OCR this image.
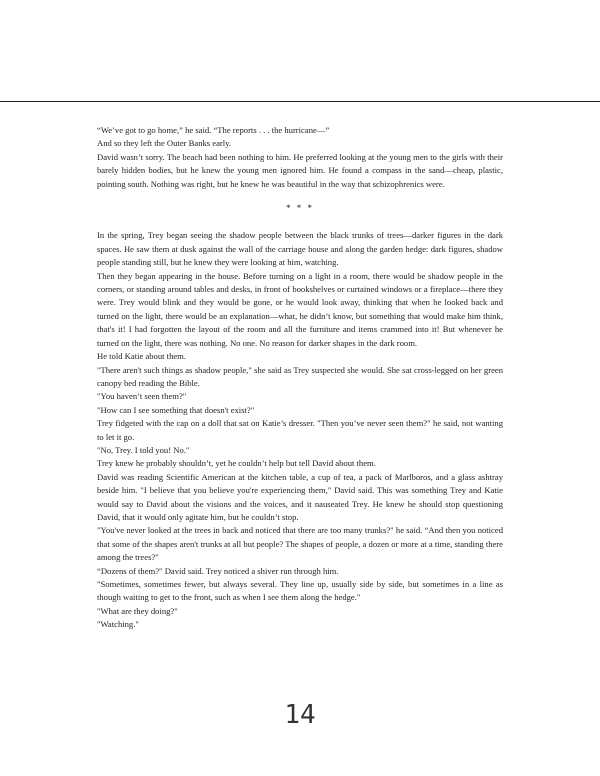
“We’ve got to go home,” he said. “The reports . . . the hurricane—”

And so they left the Outer Banks early.

David wasn’t sorry. The beach had been nothing to him. He preferred looking at the young men to the girls with their barely hidden bodies, but he knew the young men ignored him. He found a compass in the sand—cheap, plastic, pointing south. Nothing was right, but he knew he was beautiful in the way that schizophrenics were.

* * *

In the spring, Trey began seeing the shadow people between the black trunks of trees—darker figures in the dark spaces. He saw them at dusk against the wall of the carriage house and along the garden hedge: dark figures, shadow people standing still, but he knew they were looking at him, watching.

Then they began appearing in the house. Before turning on a light in a room, there would be shadow people in the corners, or standing around tables and desks, in front of bookshelves or curtained windows or a fireplace—there they were. Trey would blink and they would be gone, or he would look away, thinking that when he looked back and turned on the light, there would be an explanation—what, he didn’t know, but something that would make him think, that's it! I had forgotten the layout of the room and all the furniture and items crammed into it! But whenever he turned on the light, there was nothing. No one. No reason for darker shapes in the dark room.

He told Katie about them.

"There aren't such things as shadow people," she said as Trey suspected she would. She sat cross-legged on her green canopy bed reading the Bible.

"You haven’t seen them?"

"How can I see something that doesn't exist?"

Trey fidgeted with the cap on a doll that sat on Katie’s dresser. "Then you’ve never seen them?" he said, not wanting to let it go.

"No, Trey. I told you! No."

Trey knew he probably shouldn’t, yet he couldn’t help but tell David about them.

David was reading Scientific American at the kitchen table, a cup of tea, a pack of Marlboros, and a glass ashtray beside him. "I believe that you believe you're experiencing them," David said. This was something Trey and Katie would say to David about the visions and the voices, and it nauseated Trey. He knew he should stop questioning David, that it would only agitate him, but he couldn’t stop.

"You've never looked at the trees in back and noticed that there are too many trunks?" he said. “And then you noticed that some of the shapes aren't trunks at all but people? The shapes of people, a dozen or more at a time, standing there among the trees?"

“Dozens of them?" David said. Trey noticed a shiver run through him.

"Sometimes, sometimes fewer, but always several. They line up, usually side by side, but sometimes in a line as though waiting to get to the front, such as when I see them along the hedge."

"What are they doing?"

"Watching."

14
